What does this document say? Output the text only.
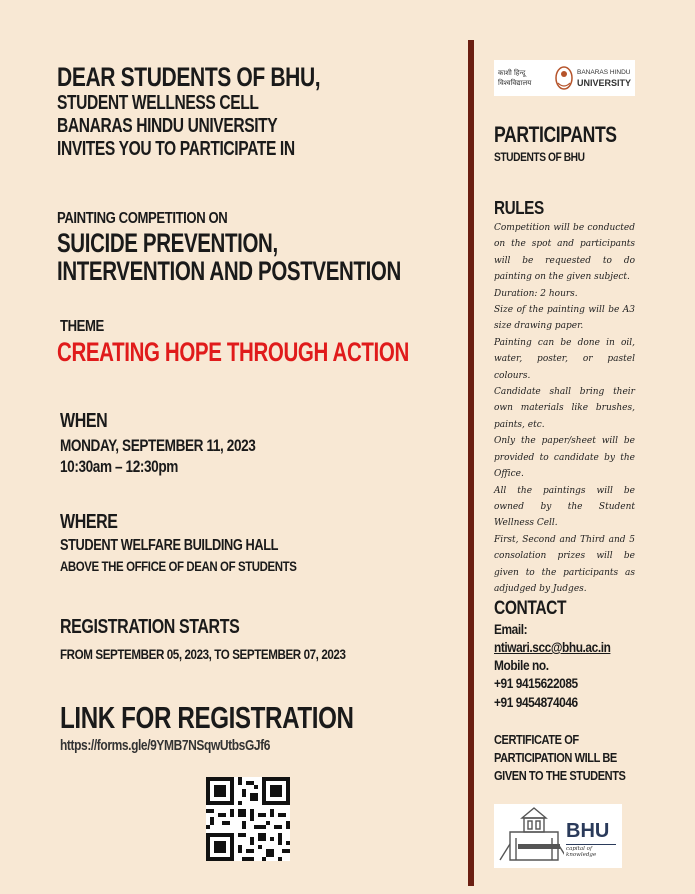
DEAR STUDENTS OF BHU,
STUDENT WELLNESS CELL
BANARAS HINDU UNIVERSITY
INVITES YOU TO PARTICIPATE IN
PAINTING COMPETITION ON
SUICIDE PREVENTION,
INTERVENTION AND POSTVENTION
THEME
CREATING HOPE THROUGH ACTION
WHEN
MONDAY, SEPTEMBER 11, 2023
10:30am – 12:30pm
WHERE
STUDENT WELFARE BUILDING HALL
ABOVE THE OFFICE OF DEAN OF STUDENTS
REGISTRATION STARTS
FROM SEPTEMBER 05, 2023, TO SEPTEMBER 07, 2023
LINK FOR REGISTRATION
https://forms.gle/9YMB7NSqwUtbsGJf6
काशी हिन्दू विश्वविद्यालय
BANARAS HINDU
UNIVERSITY
PARTICIPANTS
STUDENTS OF BHU
RULES

Competition will be conducted on the spot and participants will be requested to do painting on the given subject.

Duration: 2 hours.

Size of the painting will be A3 size drawing paper.

Painting can be done in oil, water, poster, or pastel colours.

Candidate shall bring their own materials like brushes, paints, etc.

Only the paper/sheet will be provided to candidate by the Office.

All the paintings will be owned by the Student Wellness Cell.

First, Second and Third and 5 consolation prizes will be given to the participants as adjudged by Judges.

CONTACT
Email:
ntiwari.scc@bhu.ac.in
Mobile no.
+91 9415622085
+91 9454874046
CERTIFICATE OF
PARTICIPATION WILL BE
GIVEN TO THE STUDENTS
BHU
capital of knowledge
